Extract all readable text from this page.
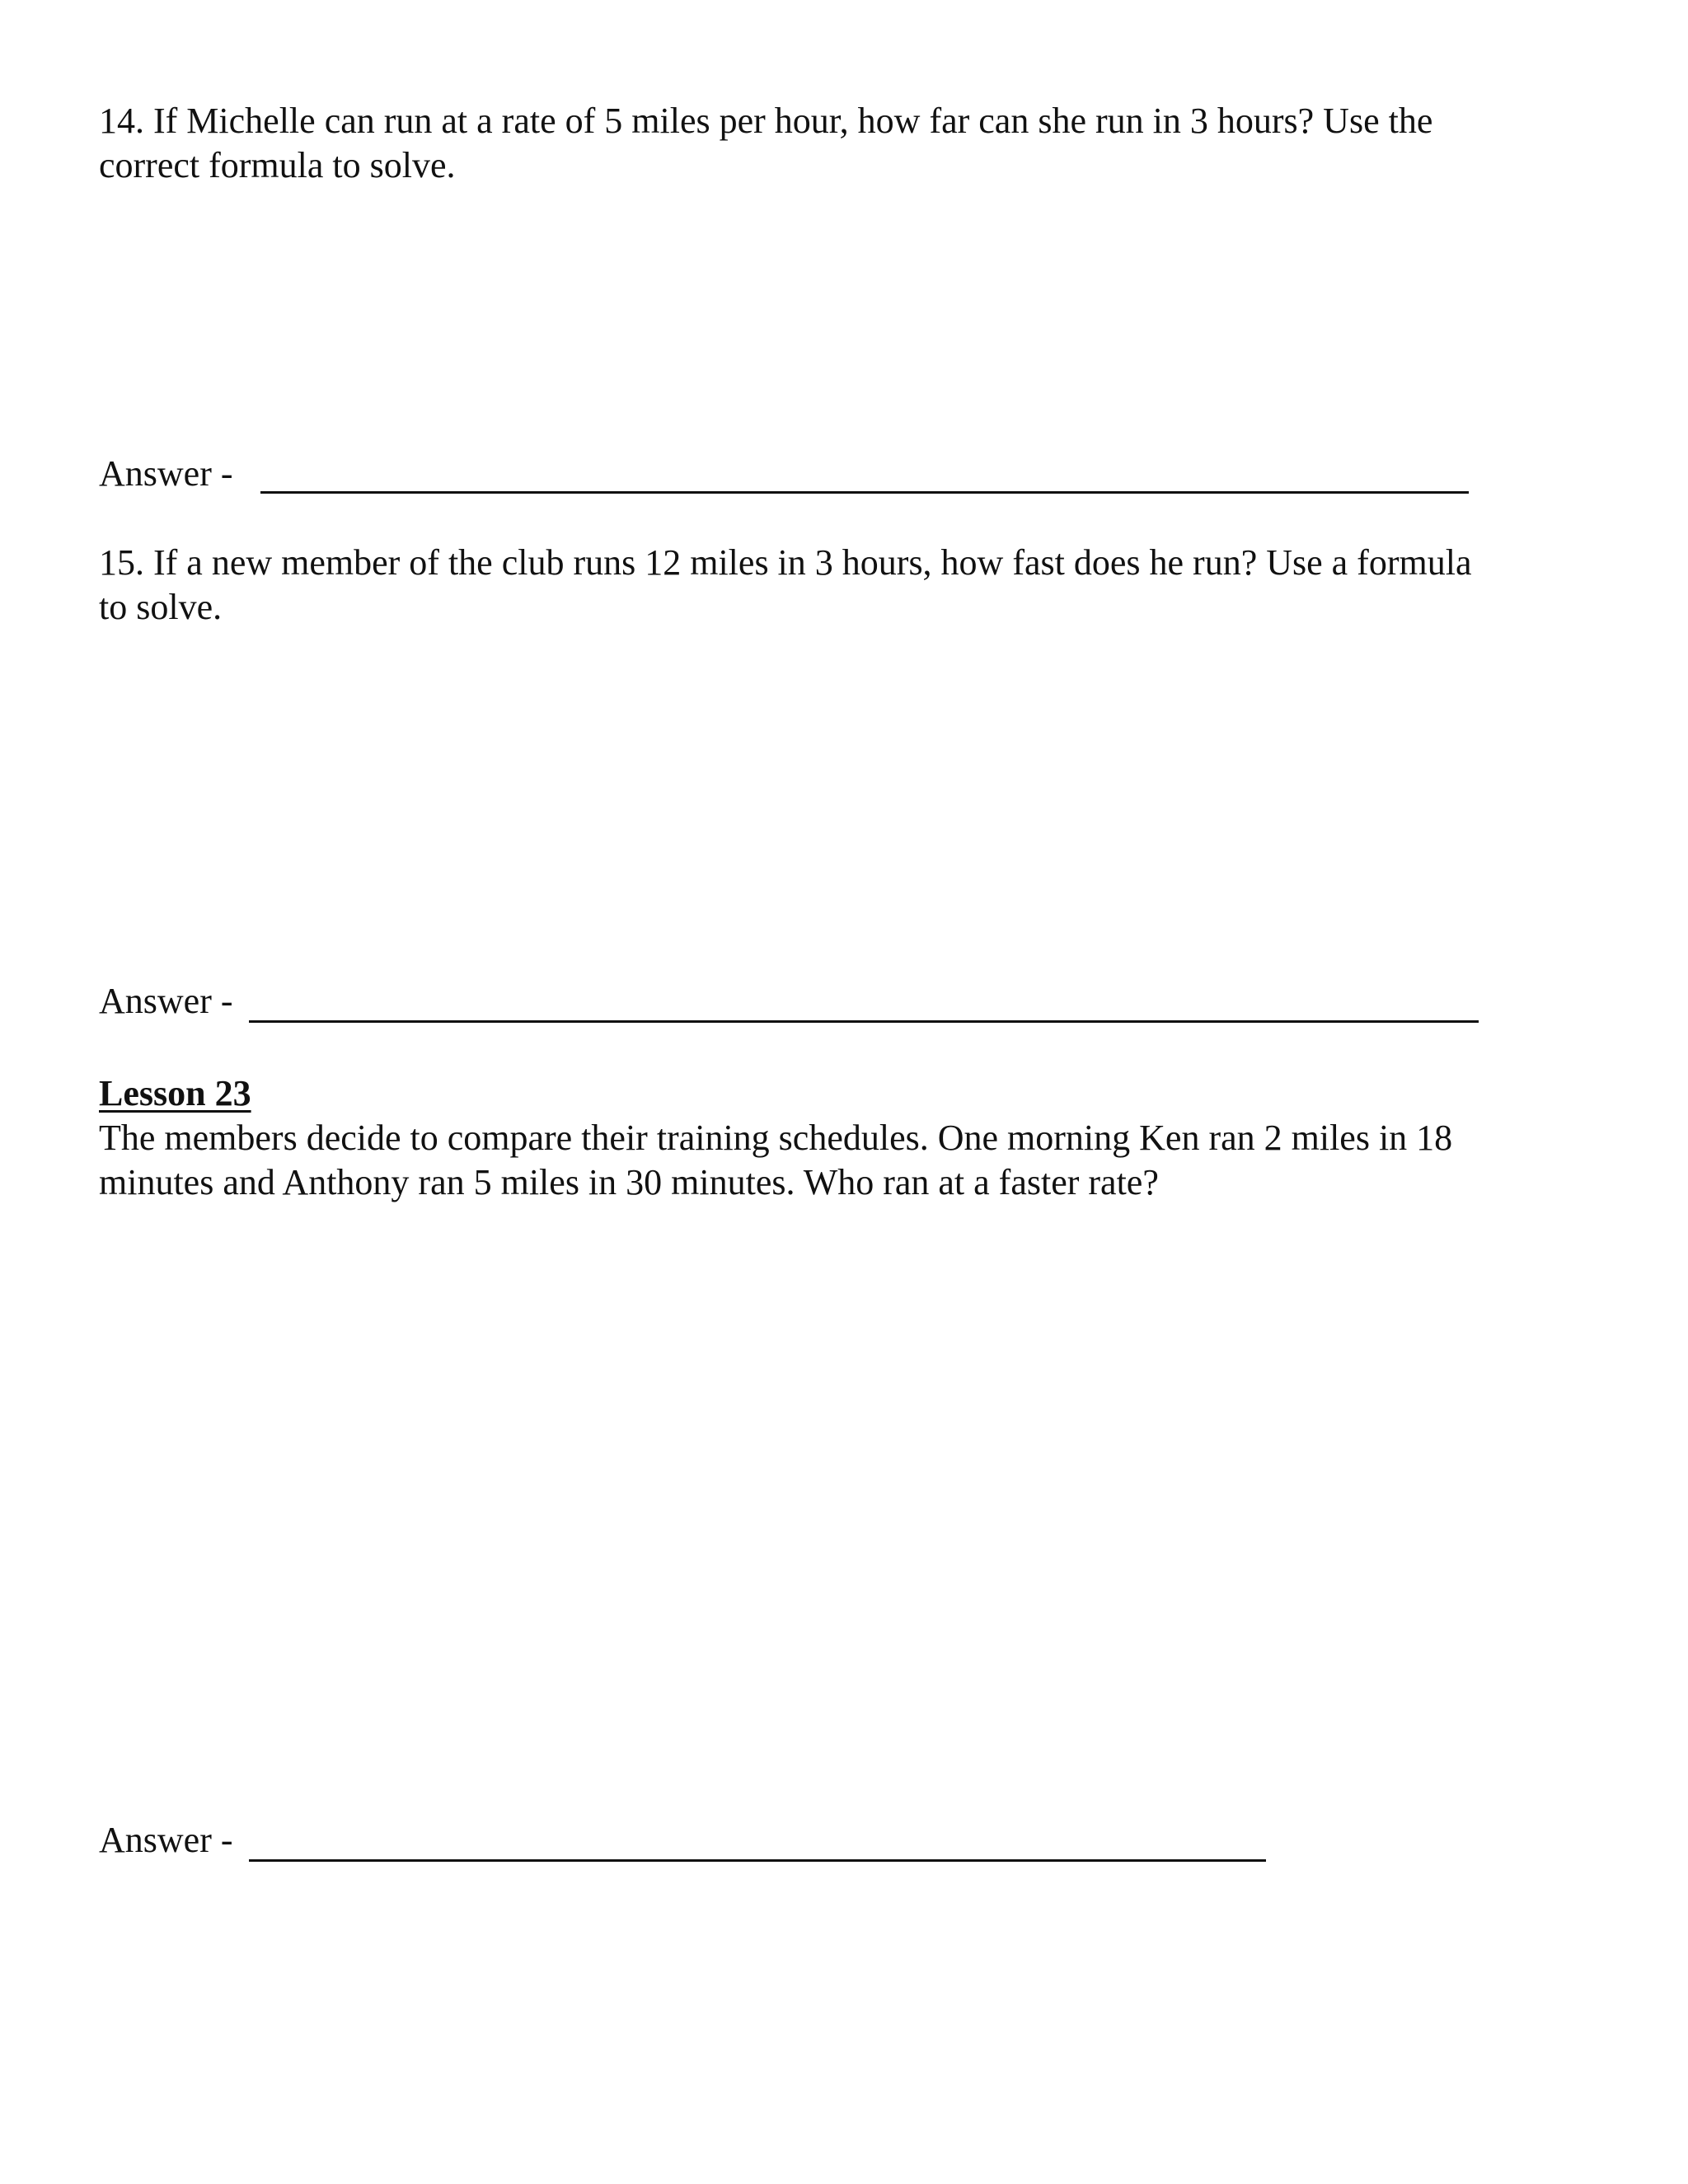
14. If Michelle can run at a rate of 5 miles per hour, how far can she run in 3 hours? Use the
correct formula to solve.
Answer -
15. If a new member of the club runs 12 miles in 3 hours, how fast does he run? Use a formula
to solve.
Answer -
Lesson 23
The members decide to compare their training schedules. One morning Ken ran 2 miles in 18
minutes and Anthony ran 5 miles in 30 minutes. Who ran at a faster rate?
Answer -
